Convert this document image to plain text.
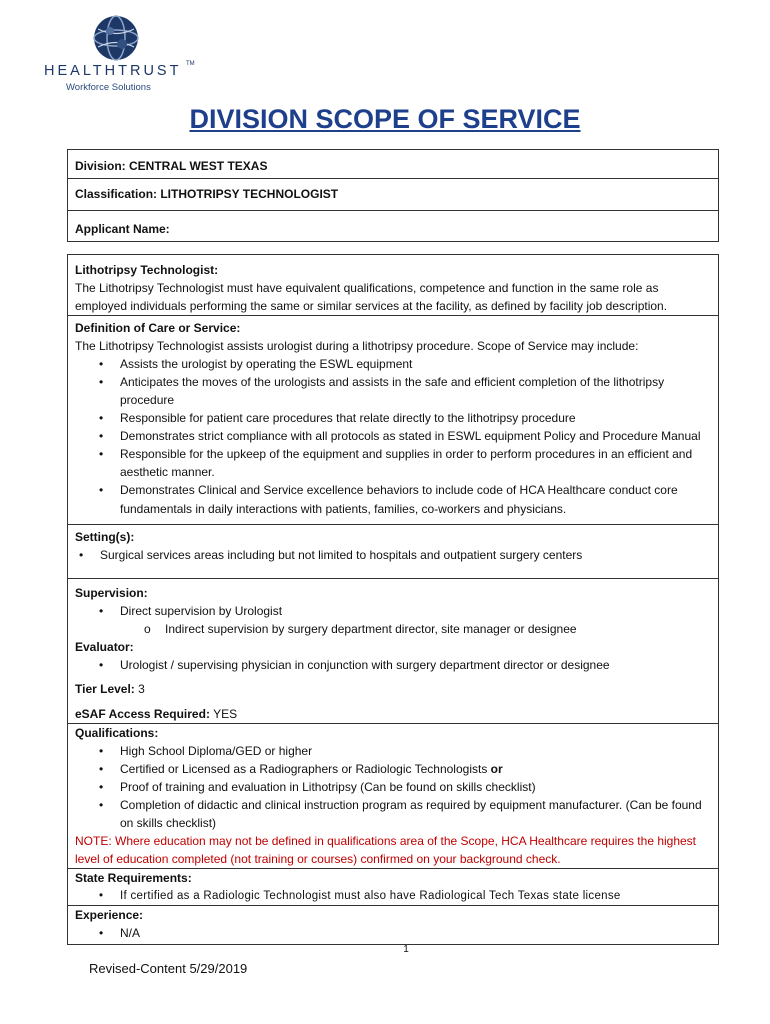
HEALTHTRUST TM
Workforce Solutions
DIVISION SCOPE OF SERVICE
Division: CENTRAL WEST TEXAS
Classification: LITHOTRIPSY TECHNOLOGIST
Applicant Name:
Lithotripsy Technologist:
The Lithotripsy Technologist must have equivalent qualifications, competence and function in the same role as employed individuals performing the same or similar services at the facility, as defined by facility job description.
Definition of Care or Service:
The Lithotripsy Technologist assists urologist during a lithotripsy procedure. Scope of Service may include:
• Assists the urologist by operating the ESWL equipment
• Anticipates the moves of the urologists and assists in the safe and efficient completion of the lithotripsy procedure
• Responsible for patient care procedures that relate directly to the lithotripsy procedure
• Demonstrates strict compliance with all protocols as stated in ESWL equipment Policy and Procedure Manual
• Responsible for the upkeep of the equipment and supplies in order to perform procedures in an efficient and aesthetic manner.
• Demonstrates Clinical and Service excellence behaviors to include code of HCA Healthcare conduct core fundamentals in daily interactions with patients, families, co-workers and physicians.
Setting(s):
• Surgical services areas including but not limited to hospitals and outpatient surgery centers
Supervision:
• Direct supervision by Urologist
o Indirect supervision by surgery department director, site manager or designee
Evaluator:
• Urologist / supervising physician in conjunction with surgery department director or designee
Tier Level: 3
eSAF Access Required: YES
Qualifications:
• High School Diploma/GED or higher
• Certified or Licensed as a Radiographers or Radiologic Technologists or
• Proof of training and evaluation in Lithotripsy (Can be found on skills checklist)
• Completion of didactic and clinical instruction program as required by equipment manufacturer. (Can be found on skills checklist)
NOTE: Where education may not be defined in qualifications area of the Scope, HCA Healthcare requires the highest level of education completed (not training or courses) confirmed on your background check.
State Requirements:
• If certified as a Radiologic Technologist must also have Radiological Tech Texas state license
Experience:
• N/A
1
Revised-Content 5/29/2019
